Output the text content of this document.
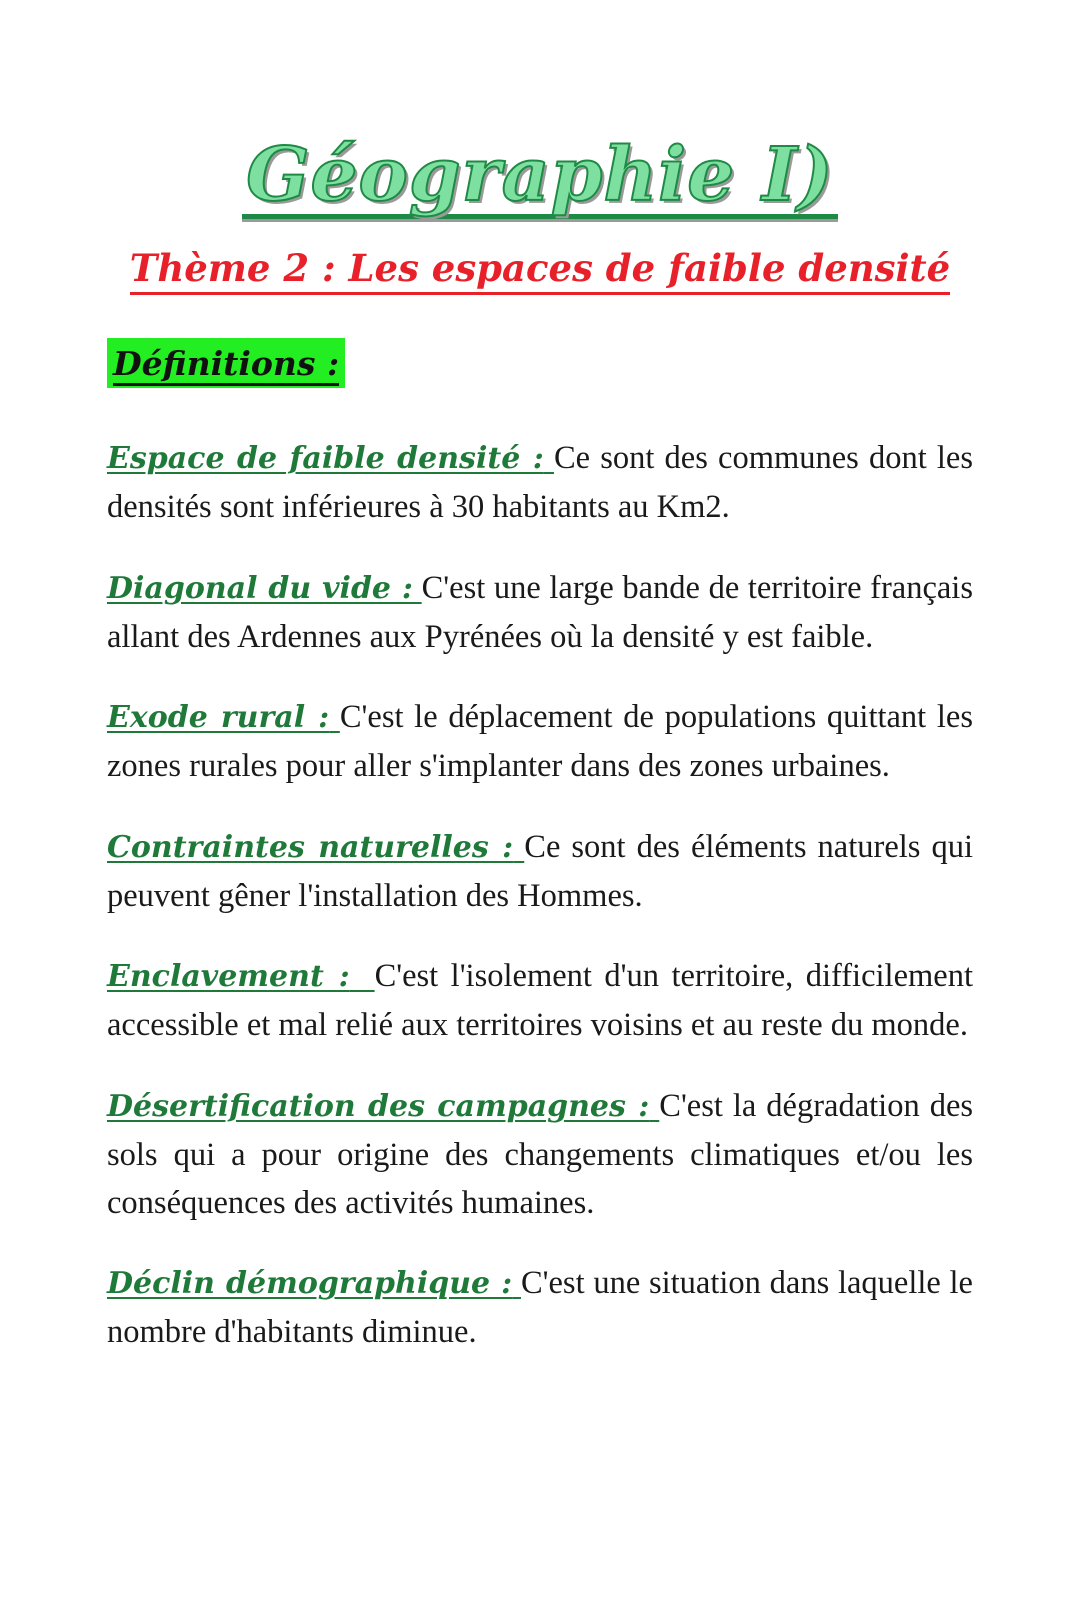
Géographie I)
Thème 2 : Les espaces de faible densité
Définitions :

Espace de faible densité : Ce sont des communes dont les densités sont inférieures à 30 habitants au Km2.

Diagonal du vide : C'est une large bande de territoire français allant des Ardennes aux Pyrénées où la densité y est faible.

Exode rural : C'est le déplacement de populations quittant les zones rurales pour aller s'implanter dans des zones urbaines.

Contraintes naturelles : Ce sont des éléments naturels qui peuvent gêner l'installation des Hommes.

Enclavement : C'est l'isolement d'un territoire, difficilement accessible et mal relié aux territoires voisins et au reste du monde.

Désertification des campagnes : C'est la dégradation des sols qui a pour origine des changements climatiques et/ou les conséquences des activités humaines.

Déclin démographique : C'est une situation dans laquelle le nombre d'habitants diminue.
